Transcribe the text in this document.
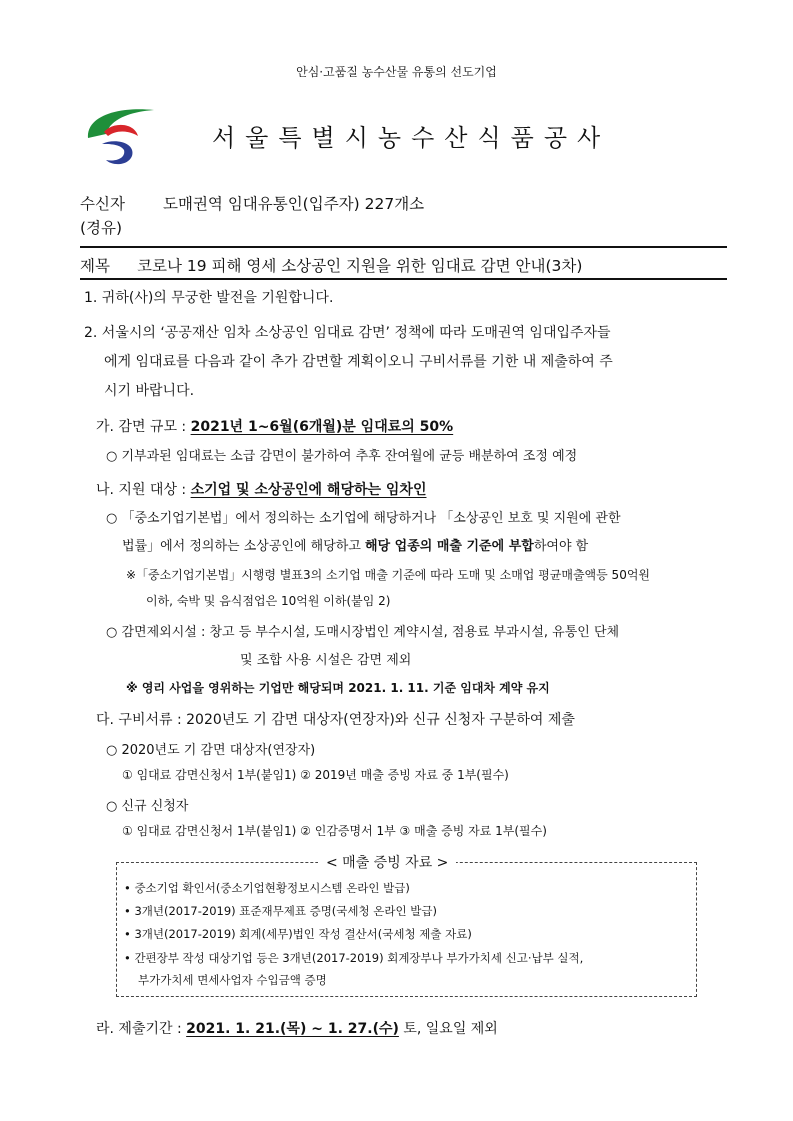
안심·고품질 농수산물 유통의 선도기업
서울특별시농수산식품공사
수신자 도매권역 임대유통인(입주자) 227개소
(경유)
제목 코로나 19 피해 영세 소상공인 지원을 위한 임대료 감면 안내(3차)
1. 귀하(사)의 무궁한 발전을 기원합니다.
2. 서울시의 ‘공공재산 임차 소상공인 임대료 감면’ 정책에 따라 도매권역 임대입주자들
에게 임대료를 다음과 같이 추가 감면할 계획이오니 구비서류를 기한 내 제출하여 주
시기 바랍니다.
가. 감면 규모 : 2021년 1~6월(6개월)분 임대료의 50%
○ 기부과된 임대료는 소급 감면이 불가하여 추후 잔여월에 균등 배분하여 조정 예정
나. 지원 대상 : 소기업 및 소상공인에 해당하는 임차인
○ 「중소기업기본법」에서 정의하는 소기업에 해당하거나 「소상공인 보호 및 지원에 관한
법률」에서 정의하는 소상공인에 해당하고 해당 업종의 매출 기준에 부합하여야 함
※「중소기업기본법」시행령 별표3의 소기업 매출 기준에 따라 도매 및 소매업 평균매출액등 50억원
이하, 숙박 및 음식점업은 10억원 이하(붙임 2)
○ 감면제외시설 : 창고 등 부수시설, 도매시장법인 계약시설, 점용료 부과시설, 유통인 단체
및 조합 사용 시설은 감면 제외
※ 영리 사업을 영위하는 기업만 해당되며 2021. 1. 11. 기준 임대차 계약 유지
다. 구비서류 : 2020년도 기 감면 대상자(연장자)와 신규 신청자 구분하여 제출
○ 2020년도 기 감면 대상자(연장자)
① 임대료 감면신청서 1부(붙임1) ② 2019년 매출 증빙 자료 중 1부(필수)
○ 신규 신청자
① 임대료 감면신청서 1부(붙임1) ② 인감증명서 1부 ③ 매출 증빙 자료 1부(필수)
< 매출 증빙 자료 >
• 중소기업 확인서(중소기업현황정보시스템 온라인 발급)
• 3개년(2017-2019) 표준재무제표 증명(국세청 온라인 발급)
• 3개년(2017-2019) 회계(세무)법인 작성 결산서(국세청 제출 자료)
• 간편장부 작성 대상기업 등은 3개년(2017-2019) 회계장부나 부가가치세 신고·납부 실적,
부가가치세 면세사업자 수입금액 증명
라. 제출기간 : 2021. 1. 21.(목) ~ 1. 27.(수) 토, 일요일 제외
